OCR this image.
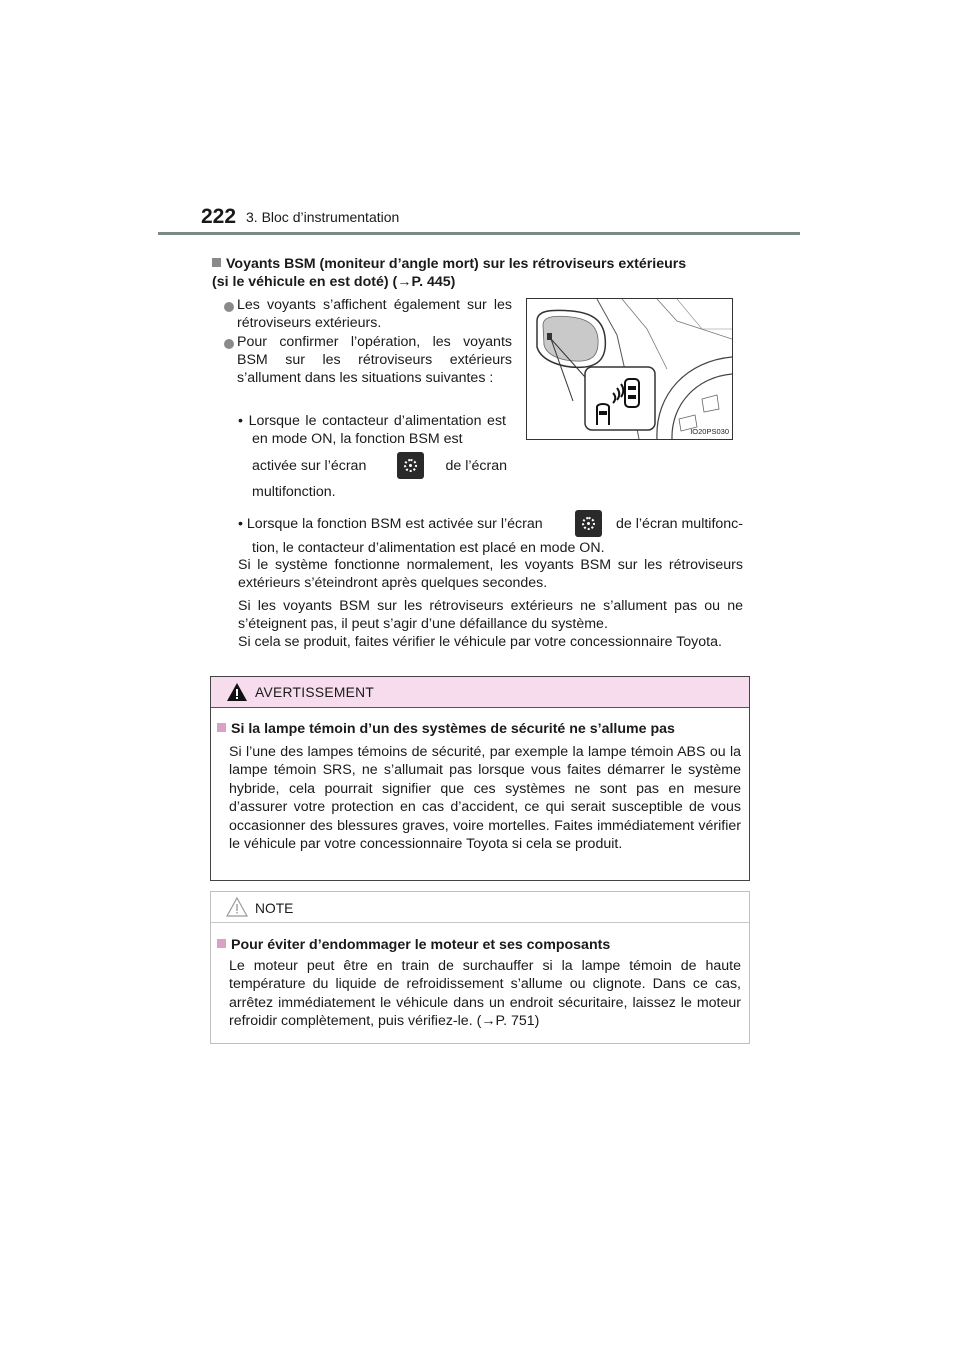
222 3. Bloc d’instrumentation
Voyants BSM (moniteur d’angle mort) sur les rétroviseurs extérieurs
(si le véhicule en est doté) (→P. 445)
Les voyants s’affichent également sur les rétroviseurs extérieurs.
Pour confirmer l’opération, les voyants BSM sur les rétroviseurs extérieurs s’allument dans les situations suivantes :
• Lorsque le contacteur d’alimentation est en mode ON, la fonction BSM est
activée sur l’écran	de l’écran
multifonction.
• Lorsque la fonction BSM est activée sur l’écran	de l’écran multifonc-
tion, le contacteur d’alimentation est placé en mode ON.
Si le système fonctionne normalement, les voyants BSM sur les rétroviseurs extérieurs s’éteindront après quelques secondes.
Si les voyants BSM sur les rétroviseurs extérieurs ne s’allument pas ou ne s’éteignent pas, il peut s’agir d’une défaillance du système.
Si cela se produit, faites vérifier le véhicule par votre concessionnaire Toyota.
IO20PS030
AVERTISSEMENT
Si la lampe témoin d’un des systèmes de sécurité ne s’allume pas
Si l’une des lampes témoins de sécurité, par exemple la lampe témoin ABS ou la lampe témoin SRS, ne s’allumait pas lorsque vous faites démarrer le système hybride, cela pourrait signifier que ces systèmes ne sont pas en mesure d’assurer votre protection en cas d’accident, ce qui serait susceptible de vous occasionner des blessures graves, voire mortelles. Faites immédiatement vérifier le véhicule par votre concessionnaire Toyota si cela se produit.
NOTE
Pour éviter d’endommager le moteur et ses composants
Le moteur peut être en train de surchauffer si la lampe témoin de haute température du liquide de refroidissement s’allume ou clignote. Dans ce cas, arrêtez immédiatement le véhicule dans un endroit sécuritaire, laissez le moteur refroidir complètement, puis vérifiez-le. (→P. 751)
